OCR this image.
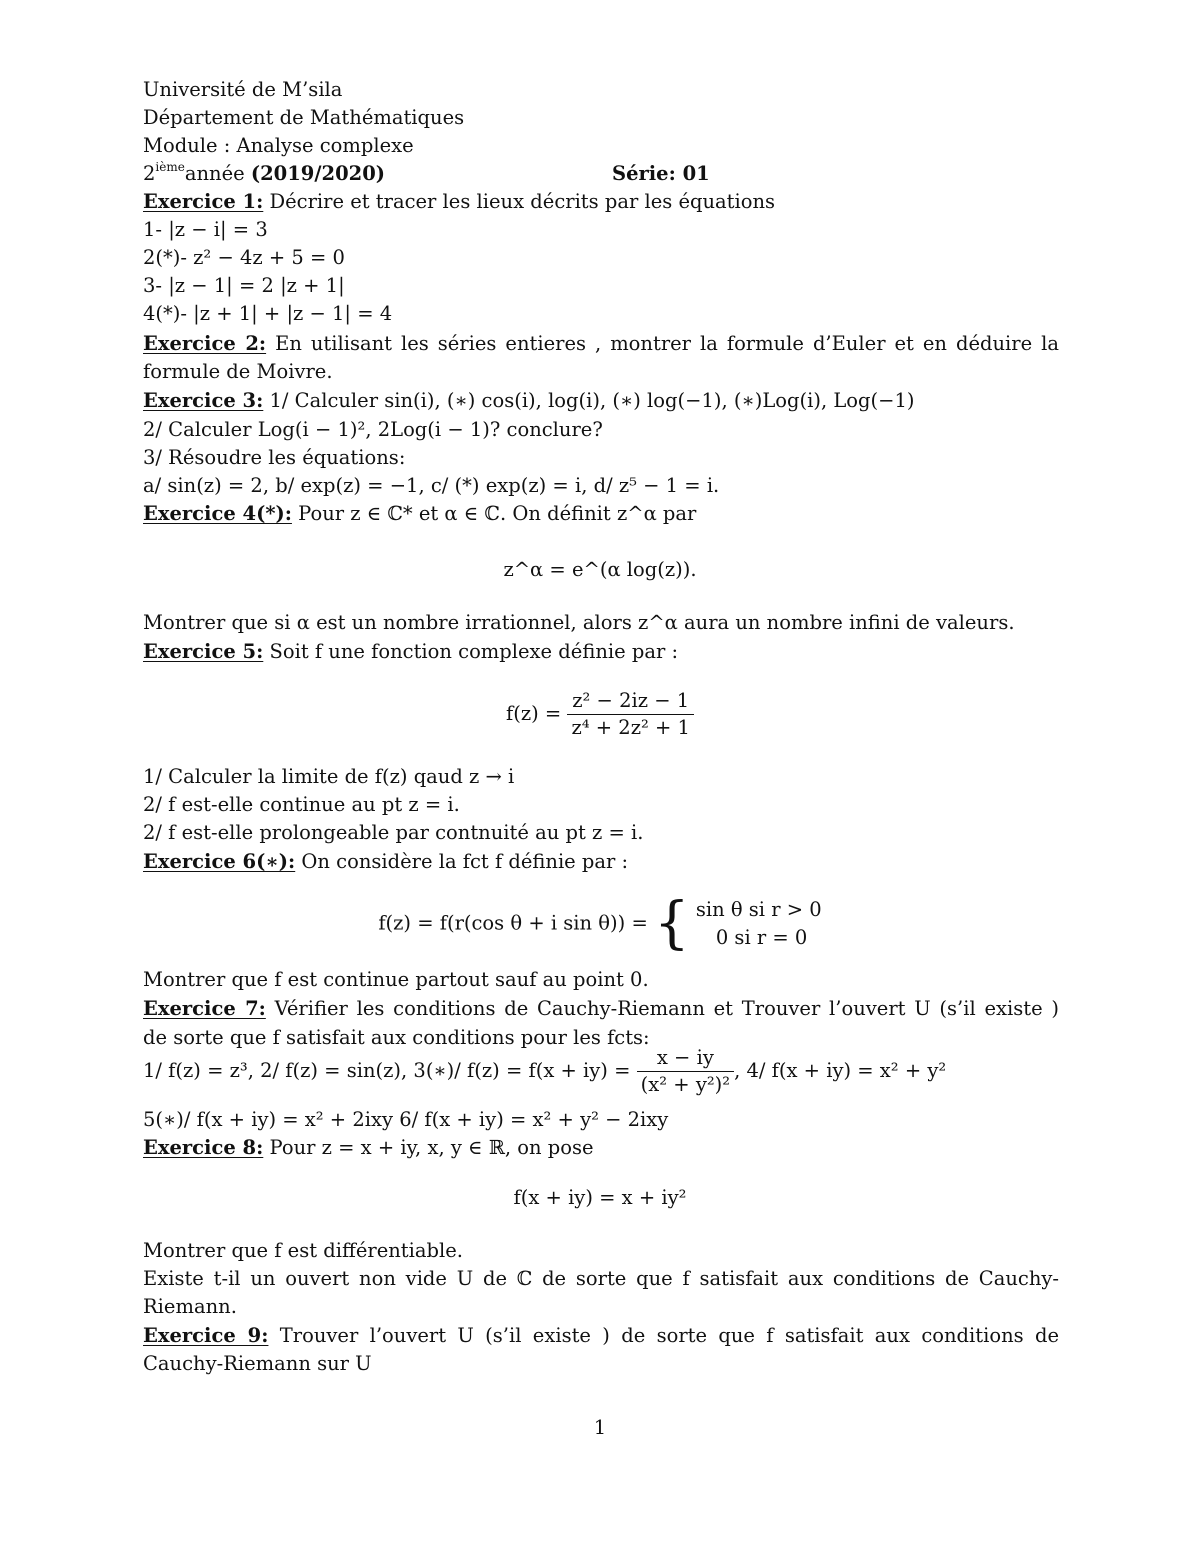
Université de M’sila
Département de Mathématiques
Module : Analyse complexe
2ièmeannée (2019/2020)	Série: 01
Exercice 1: Décrire et tracer les lieux décrits par les équations
1- |z − i| = 3
2(*)- z² − 4z + 5 = 0
3- |z − 1| = 2 |z + 1|
4(*)- |z + 1| + |z − 1| = 4
Exercice 2: En utilisant les séries entieres , montrer la formule d’Euler et en déduire la
formule de Moivre.
Exercice 3: 1/ Calculer sin(i), (∗) cos(i), log(i), (∗) log(−1), (∗)Log(i), Log(−1)
2/ Calculer Log(i − 1)², 2Log(i − 1)? conclure?
3/ Résoudre les équations:
a/ sin(z) = 2, b/ exp(z) = −1, c/ (*) exp(z) = i, d/ z⁵ − 1 = i.
Exercice 4(*): Pour z ∈ ℂ* et α ∈ ℂ. On définit z^α par
z^α = e^(α log(z)).
Montrer que si α est un nombre irrationnel, alors z^α aura un nombre infini de valeurs.
Exercice 5: Soit f une fonction complexe définie par :
$f(z) = \frac{\text{z² − 2iz − 1}}{\text{z⁴ + 2z² + 1}}$
1/ Calculer la limite de f(z) qaud z → i
2/ f est-elle continue au pt z = i.
2/ f est-elle prolongeable par contnuité au pt z = i.
Exercice 6(∗): On considère la fct f définie par :
f(z) = f(r(cos θ + i sin θ)) = { sin θ si r > 0
0 si r = 0
Montrer que f est continue partout sauf au point 0.
Exercice 7: Vérifier les conditions de Cauchy-Riemann et Trouver l’ouvert U (s’il existe )
de sorte que f satisfait aux conditions pour les fcts:
1/ f(z) = z³, 2/ f(z) = sin(z), 3(∗)/ $f(z) = f(x + iy) = \frac{x - iy}{\text{(x² + y²)²}}$ , 4/ f(x + iy) = x² + y²
5(∗)/ f(x + iy) = x² + 2ixy 6/ f(x + iy) = x² + y² − 2ixy
Exercice 8: Pour z = x + iy, x, y ∈ ℝ, on pose
f(x + iy) = x + iy²
Montrer que f est différentiable.
Existe t-il un ouvert non vide U de ℂ de sorte que f satisfait aux conditions de Cauchy-
Riemann.
Exercice 9: Trouver l’ouvert U (s’il existe ) de sorte que f satisfait aux conditions de
Cauchy-Riemann sur U
1
